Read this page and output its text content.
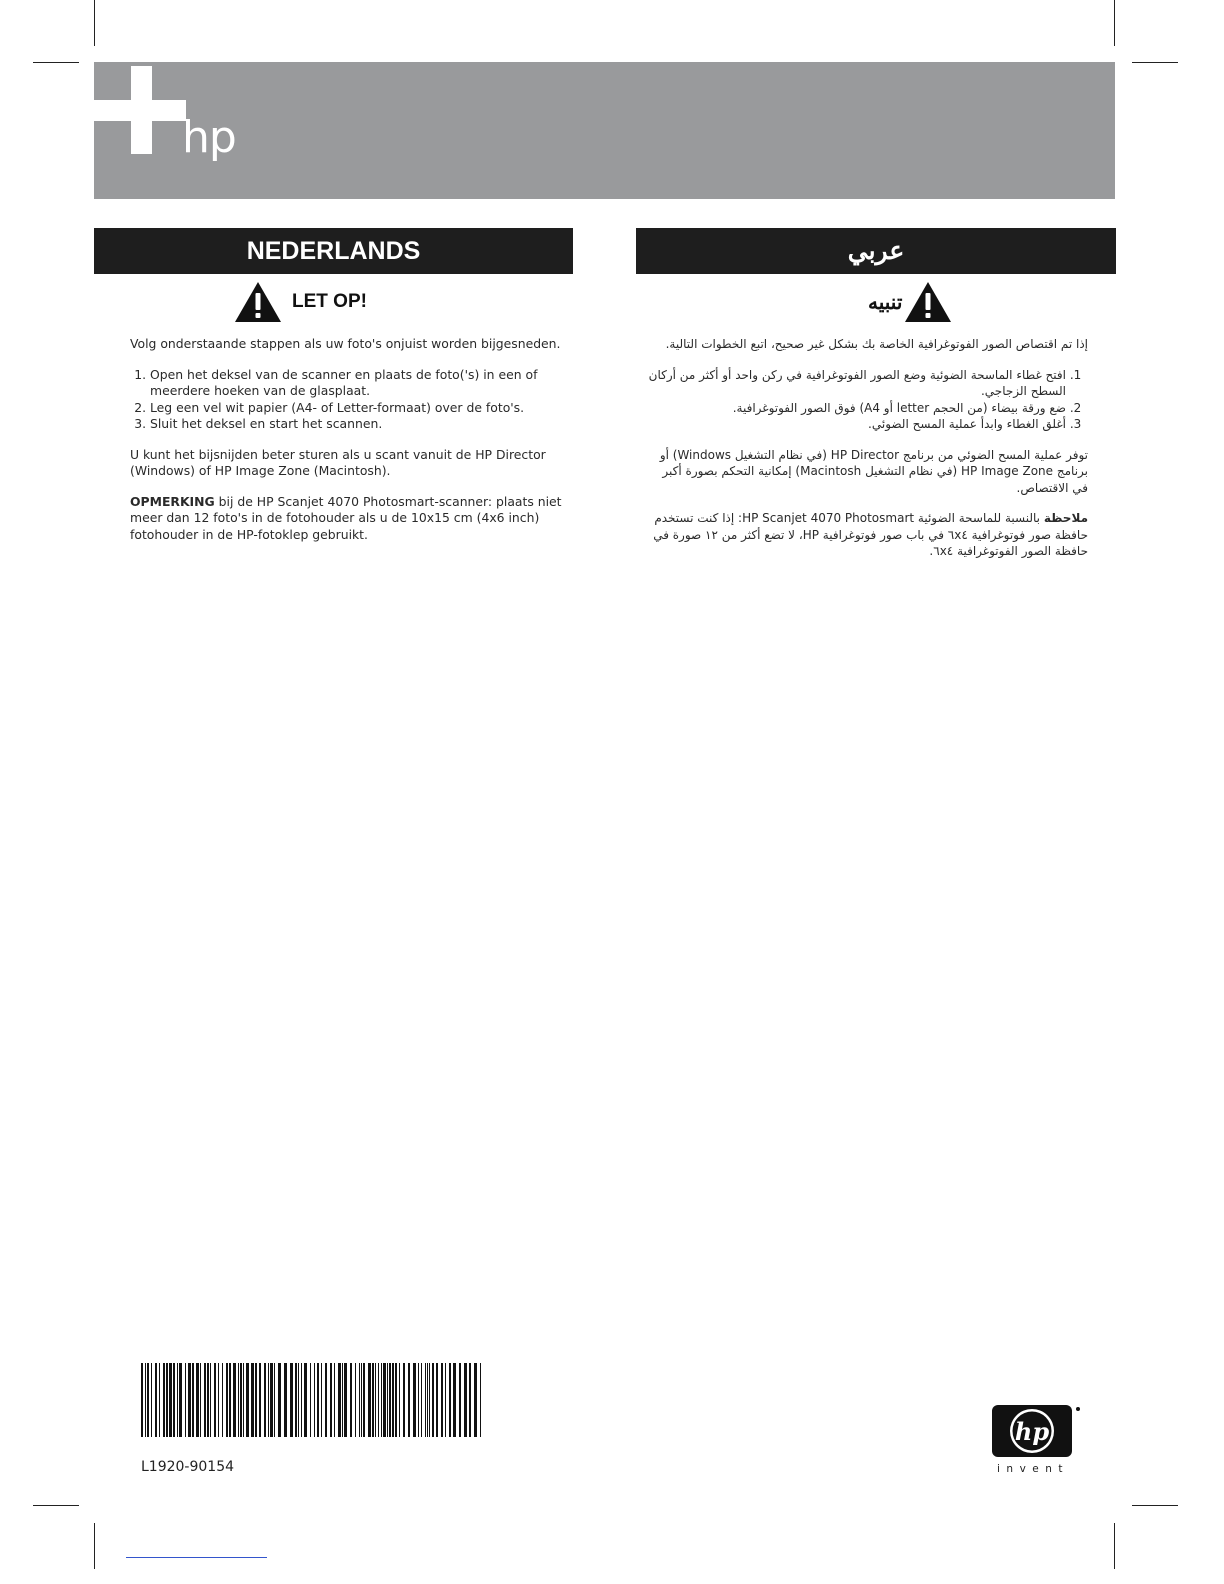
hp
NEDERLANDS	عربي
LET OP!	تنبيه

Volg onderstaande stappen als uw foto's onjuist worden bijgesneden.

1. Open het deksel van de scanner en plaats de foto('s) in een of meerdere hoeken van de glasplaat.
2. Leg een vel wit papier (A4- of Letter-formaat) over de foto's.
3. Sluit het deksel en start het scannen.

U kunt het bijsnijden beter sturen als u scant vanuit de HP Director (Windows) of HP Image Zone (Macintosh).

OPMERKING bij de HP Scanjet 4070 Photosmart-scanner: plaats niet meer dan 12 foto's in de fotohouder als u de 10x15 cm (4x6 inch) fotohouder in de HP-fotoklep gebruikt.

إذا تم اقتصاص الصور الفوتوغرافية الخاصة بك بشكل غير صحيح، اتبع الخطوات التالية.

1. افتح غطاء الماسحة الضوئية وضع الصور الفوتوغرافية في ركن واحد أو أكثر من أركان السطح الزجاجي.
2. ضع ورقة بيضاء (من الحجم letter أو A4) فوق الصور الفوتوغرافية.
3. أغلق الغطاء وابدأ عملية المسح الضوئي.

توفر عملية المسح الضوئي من برنامج HP Director (في نظام التشغيل Windows) أو برنامج HP Image Zone (في نظام التشغيل Macintosh) إمكانية التحكم بصورة أكبر في الاقتصاص.

ملاحظة بالنسبة للماسحة الضوئية HP Scanjet 4070 Photosmart: إذا كنت تستخدم حافظة صور فوتوغرافية ٦x٤ في باب صور فوتوغرافية HP، لا تضع أكثر من ١٢ صورة في حافظة الصور الفوتوغرافية ٦x٤.

L1920-90154
hp
invent
